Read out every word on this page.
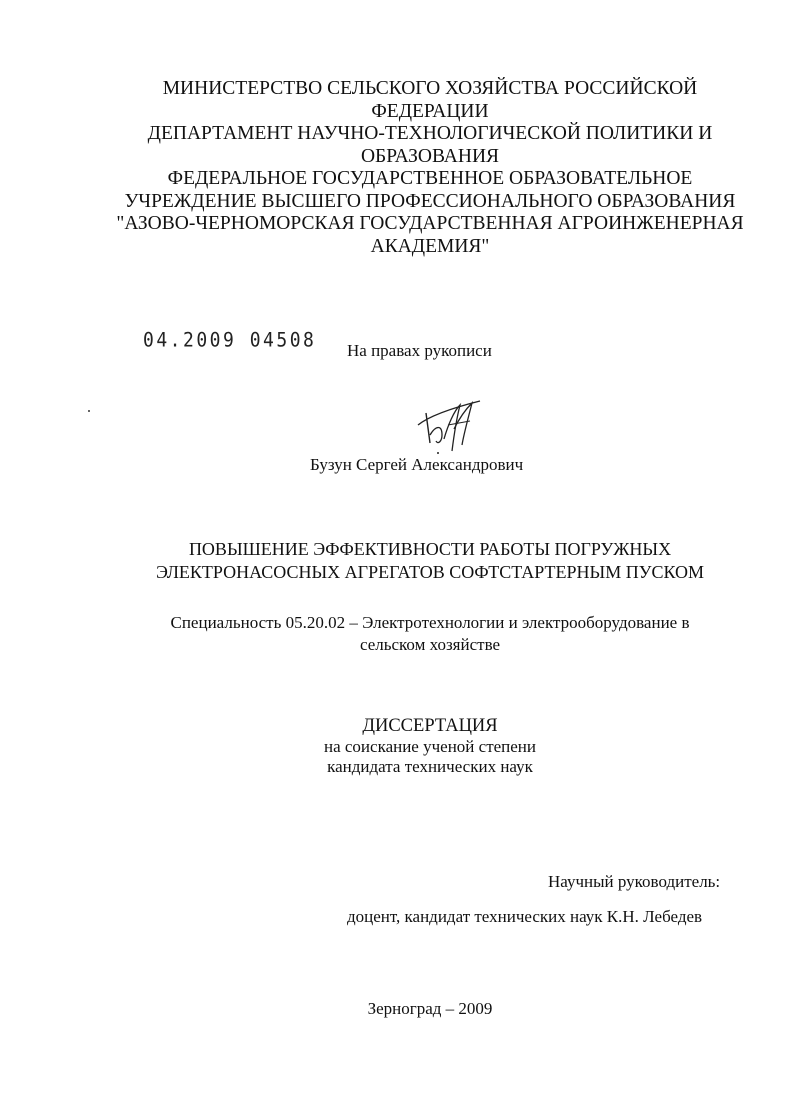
МИНИСТЕРСТВО СЕЛЬСКОГО ХОЗЯЙСТВА РОССИЙСКОЙ
ФЕДЕРАЦИИ
ДЕПАРТАМЕНТ НАУЧНО-ТЕХНОЛОГИЧЕСКОЙ ПОЛИТИКИ И
ОБРАЗОВАНИЯ
ФЕДЕРАЛЬНОЕ ГОСУДАРСТВЕННОЕ ОБРАЗОВАТЕЛЬНОЕ
УЧРЕЖДЕНИЕ ВЫСШЕГО ПРОФЕССИОНАЛЬНОГО ОБРАЗОВАНИЯ
"АЗОВО-ЧЕРНОМОРСКАЯ ГОСУДАРСТВЕННАЯ АГРОИНЖЕНЕРНАЯ
АКАДЕМИЯ"
04.2009 04508 На правах рукописи
Бузун Сергей Александрович
ПОВЫШЕНИЕ ЭФФЕКТИВНОСТИ РАБОТЫ ПОГРУЖНЫХ
ЭЛЕКТРОНАСОСНЫХ АГРЕГАТОВ СОФТСТАРТЕРНЫМ ПУСКОМ
Специальность 05.20.02 – Электротехнологии и электрооборудование в
сельском хозяйстве
ДИССЕРТАЦИЯ
на соискание ученой степени
кандидата технических наук
Научный руководитель:
доцент, кандидат технических наук К.Н. Лебедев
Зерноград – 2009
